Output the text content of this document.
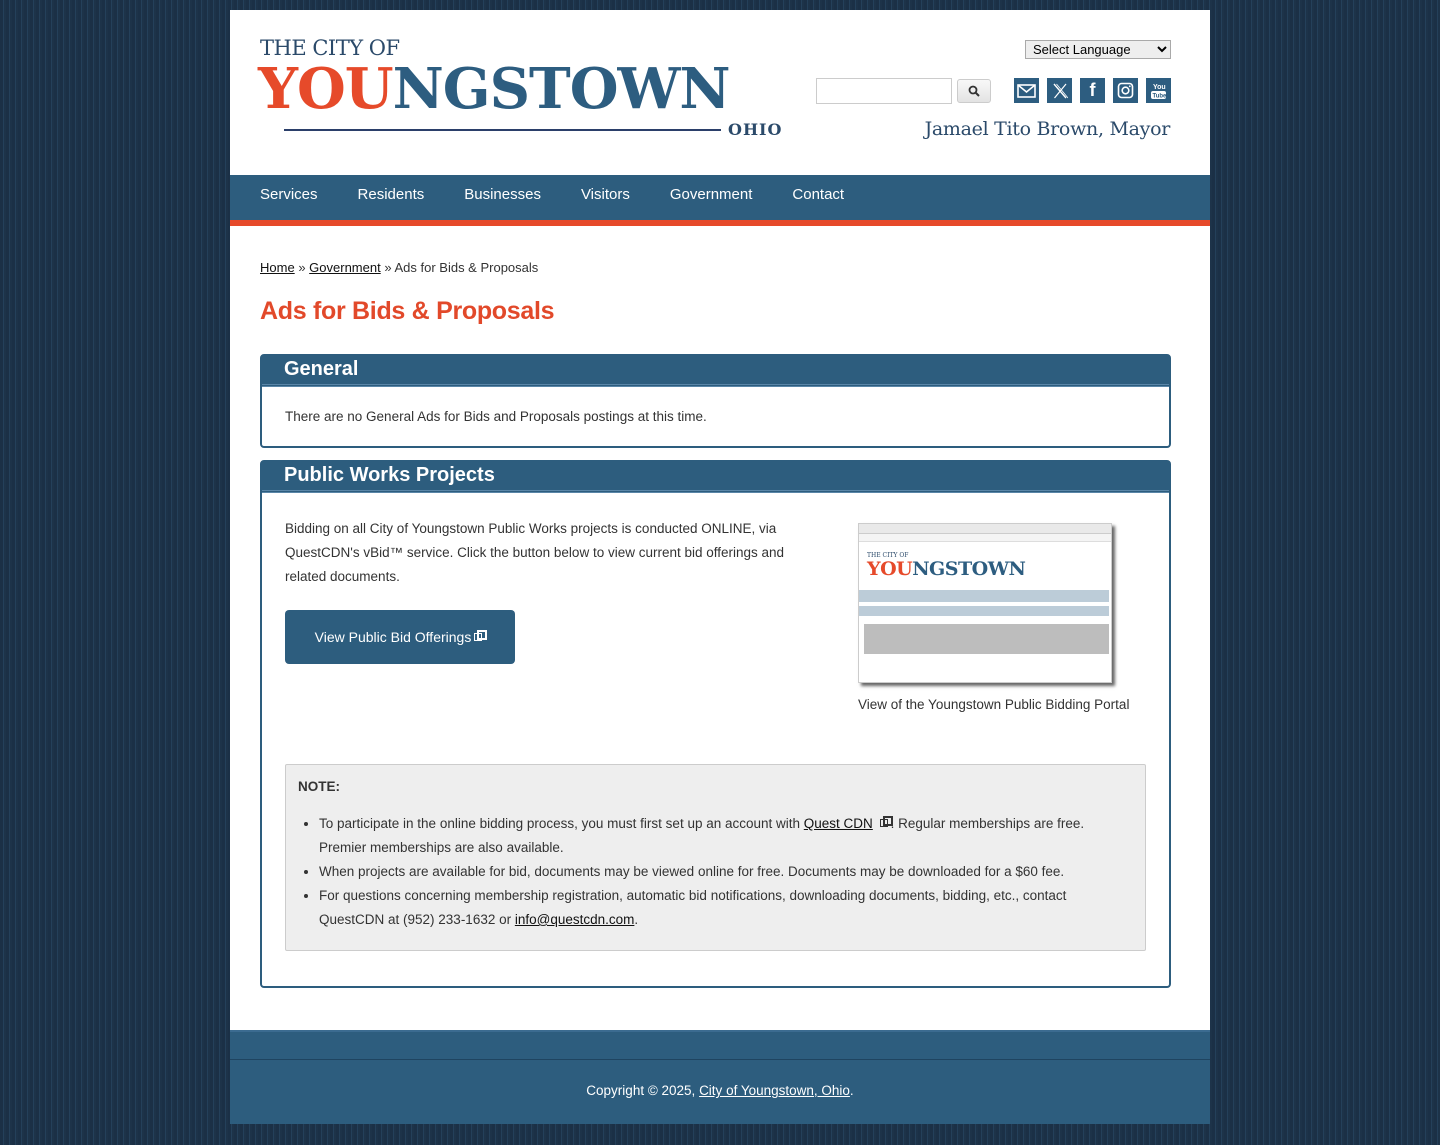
THE CITY OF
YOUNGSTOWN
OHIO
Select Language
f	You
Tube
Jamael Tito Brown, Mayor
Services	Residents	Businesses	Visitors	Government	Contact
Home » Government » Ads for Bids & Proposals
Ads for Bids & Proposals
General

There are no General Ads for Bids and Proposals postings at this time.

Public Works Projects
Bidding on all City of Youngstown Public Works projects is conducted ONLINE, via QuestCDN's vBid™ service. Click the button below to view current bid offerings and related documents.
View Public Bid Offerings
THE CITY OF
YOUNGSTOWN
View of the Youngstown Public Bidding Portal
NOTE:
• To participate in the online bidding process, you must first set up an account with Quest CDN . Regular memberships are free. Premier memberships are also available.
• When projects are available for bid, documents may be viewed online for free. Documents may be downloaded for a $60 fee.
• For questions concerning membership registration, automatic bid notifications, downloading documents, bidding, etc., contact QuestCDN at (952) 233-1632 or info@questcdn.com.
Copyright © 2025, City of Youngstown, Ohio.
